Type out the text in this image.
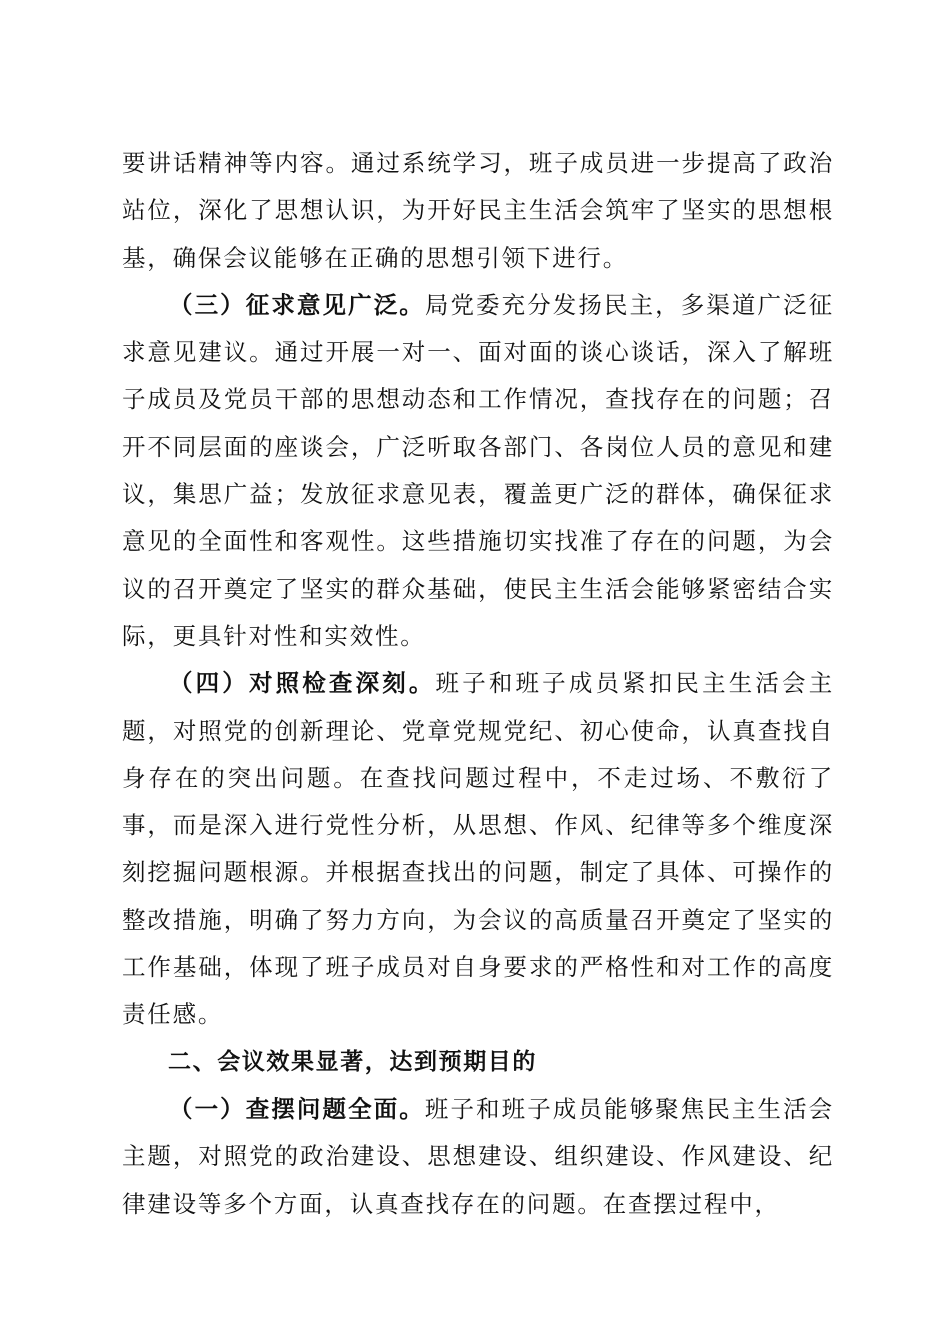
要讲话精神等内容。通过系统学习，班子成员进一步提高了政治站位，深化了思想认识，为开好民主生活会筑牢了坚实的思想根基，确保会议能够在正确的思想引领下进行。

（三）征求意见广泛。局党委充分发扬民主，多渠道广泛征求意见建议。通过开展一对一、面对面的谈心谈话，深入了解班子成员及党员干部的思想动态和工作情况，查找存在的问题；召开不同层面的座谈会，广泛听取各部门、各岗位人员的意见和建议，集思广益；发放征求意见表，覆盖更广泛的群体，确保征求意见的全面性和客观性。这些措施切实找准了存在的问题，为会议的召开奠定了坚实的群众基础，使民主生活会能够紧密结合实际，更具针对性和实效性。

（四）对照检查深刻。班子和班子成员紧扣民主生活会主题，对照党的创新理论、党章党规党纪、初心使命，认真查找自身存在的突出问题。在查找问题过程中，不走过场、不敷衍了事，而是深入进行党性分析，从思想、作风、纪律等多个维度深刻挖掘问题根源。并根据查找出的问题，制定了具体、可操作的整改措施，明确了努力方向，为会议的高质量召开奠定了坚实的工作基础，体现了班子成员对自身要求的严格性和对工作的高度责任感。

二、会议效果显著，达到预期目的

（一）查摆问题全面。班子和班子成员能够聚焦民主生活会主题，对照党的政治建设、思想建设、组织建设、作风建设、纪律建设等多个方面，认真查找存在的问题。在查摆过程中，
